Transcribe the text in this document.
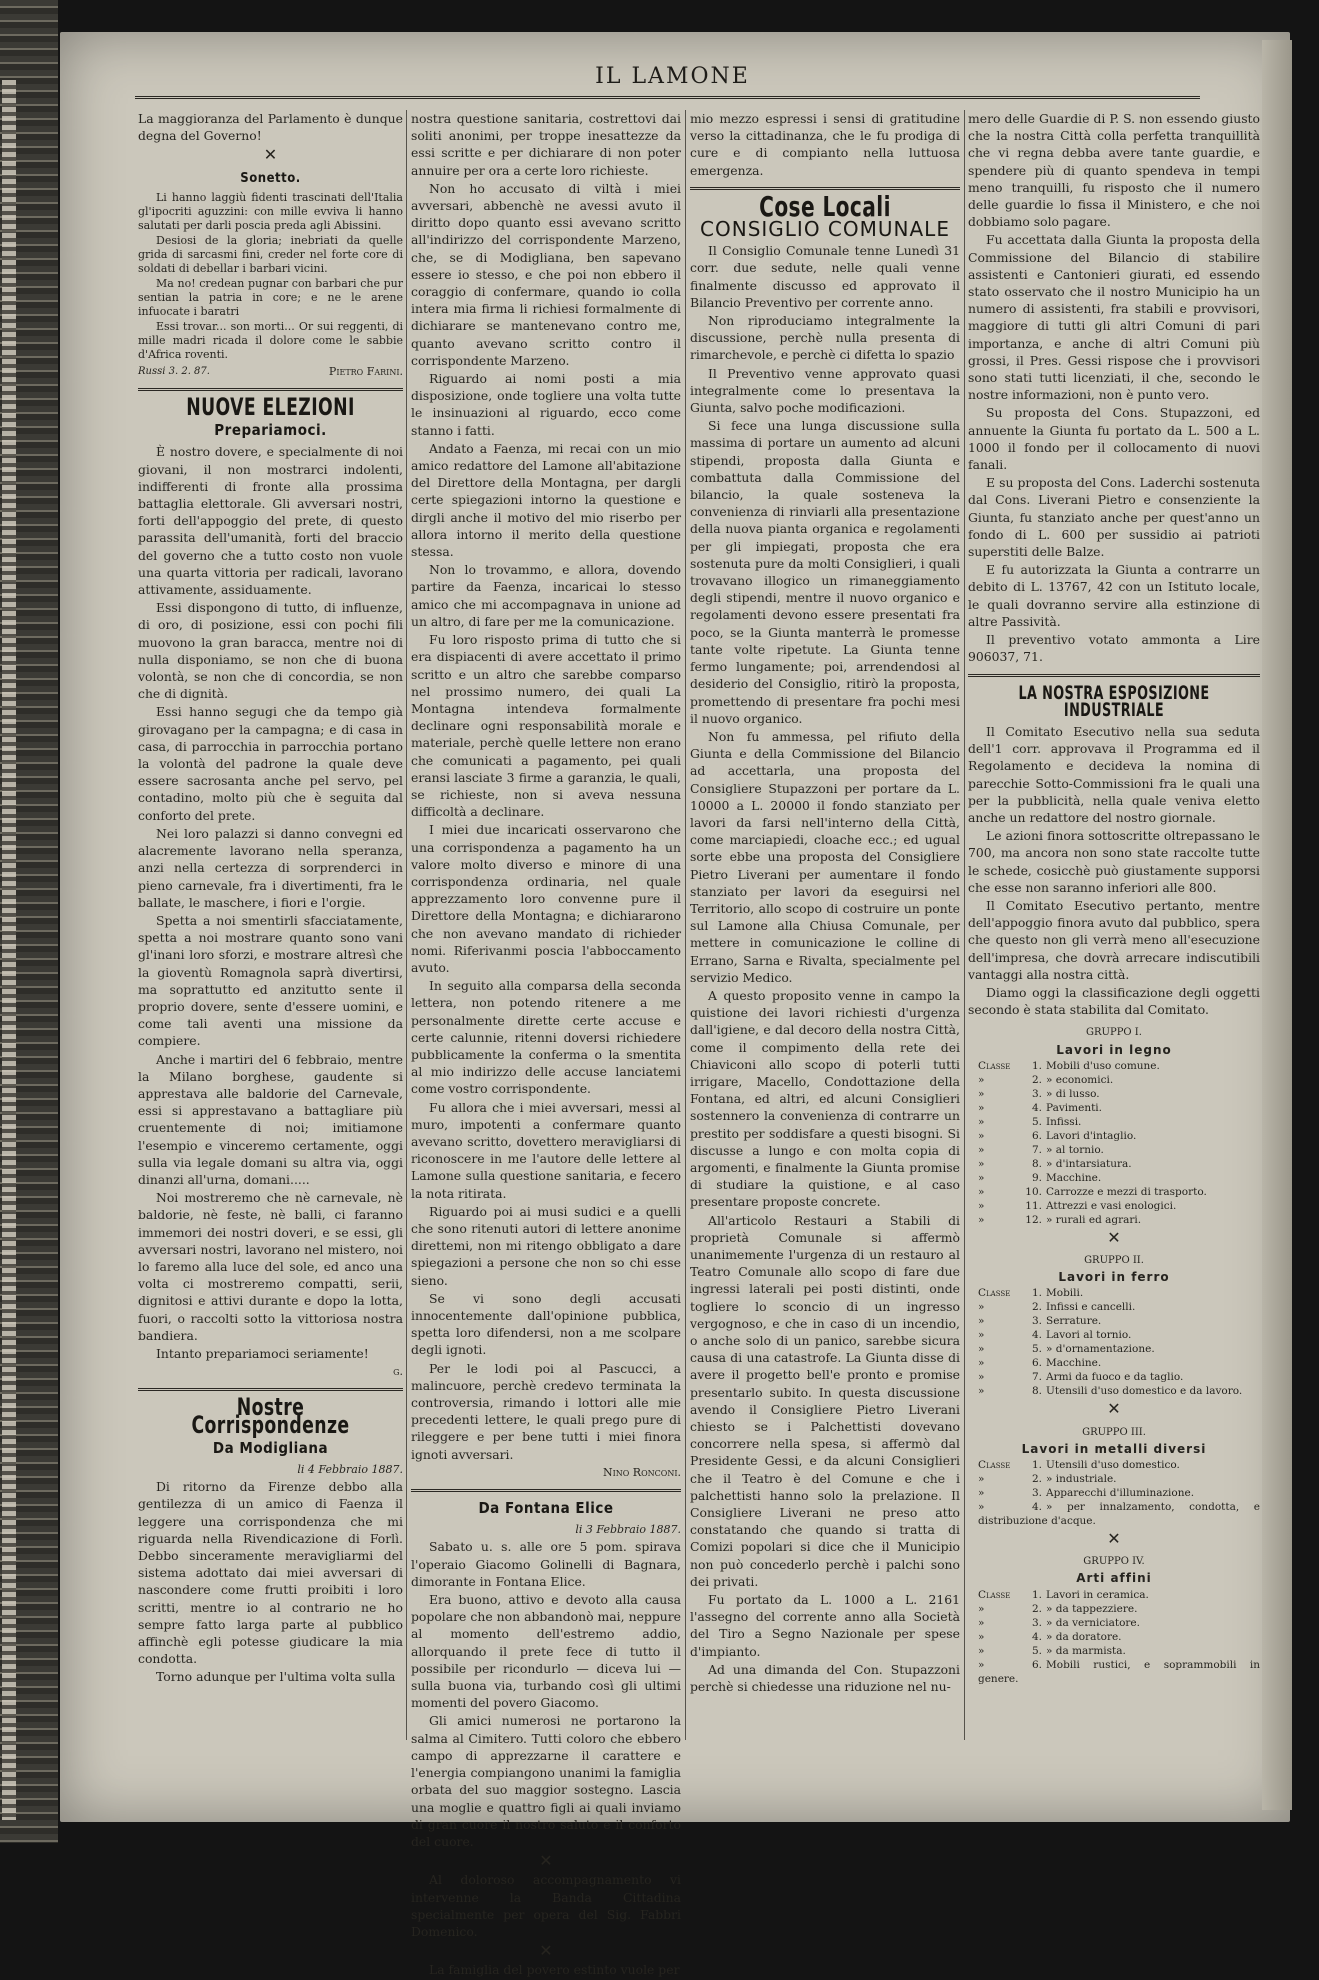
IL LAMONE

La maggioranza del Parlamento è dunque degna del Governo!

✕
Sonetto.

Li hanno laggiù fidenti trascinati dell'Italia gl'ipocriti aguzzini: con mille evviva li hanno salutati per darli poscia preda agli Abissini.

Desiosi de la gloria; inebriati da quelle grida di sarcasmi fini, creder nel forte core di soldati di debellar i barbari vicini.

Ma no! credean pugnar con barbari che pur sentian la patria in core; e ne le arene infuocate i baratri

Essi trovar... son morti... Or sui reggenti, di mille madri ricada il dolore come le sabbie d'Africa roventi.

Russi 3. 2. 87.	Pietro Farini.
NUOVE ELEZIONI
Prepariamoci.

È nostro dovere, e specialmente di noi giovani, il non mostrarci indolenti, indifferenti di fronte alla prossima battaglia elettorale. Gli avversari nostri, forti dell'appoggio del prete, di questo parassita dell'umanità, forti del braccio del governo che a tutto costo non vuole una quarta vittoria per radicali, lavorano attivamente, assiduamente.

Essi dispongono di tutto, di influenze, di oro, di posizione, essi con pochi fili muovono la gran baracca, mentre noi di nulla disponiamo, se non che di buona volontà, se non che di concordia, se non che di dignità.

Essi hanno segugi che da tempo già girovagano per la campagna; e di casa in casa, di parrocchia in parrocchia portano la volontà del padrone la quale deve essere sacrosanta anche pel servo, pel contadino, molto più che è seguita dal conforto del prete.

Nei loro palazzi si danno convegni ed alacremente lavorano nella speranza, anzi nella certezza di sorprenderci in pieno carnevale, fra i divertimenti, fra le ballate, le maschere, i fiori e l'orgie.

Spetta a noi smentirli sfacciatamente, spetta a noi mostrare quanto sono vani gl'inani loro sforzi, e mostrare altresì che la gioventù Romagnola saprà divertirsi, ma soprattutto ed anzitutto sente il proprio dovere, sente d'essere uomini, e come tali aventi una missione da compiere.

Anche i martiri del 6 febbraio, mentre la Milano borghese, gaudente si apprestava alle baldorie del Carnevale, essi si apprestavano a battagliare più cruentemente di noi; imitiamone l'esempio e vinceremo certamente, oggi sulla via legale domani su altra via, oggi dinanzi all'urna, domani.....

Noi mostreremo che nè carnevale, nè baldorie, nè feste, nè balli, ci faranno immemori dei nostri doveri, e se essi, gli avversari nostri, lavorano nel mistero, noi lo faremo alla luce del sole, ed anco una volta ci mostreremo compatti, serii, dignitosi e attivi durante e dopo la lotta, fuori, o raccolti sotto la vittoriosa nostra bandiera.

Intanto prepariamoci seriamente!

g.
Nostre Corrispondenze
Da Modigliana
li 4 Febbraio 1887.

Di ritorno da Firenze debbo alla gentilezza di un amico di Faenza il leggere una corrispondenza che mi riguarda nella Rivendicazione di Forlì. Debbo sinceramente meravigliarmi del sistema adottato dai miei avversari di nascondere come frutti proibiti i loro scritti, mentre io al contrario ne ho sempre fatto larga parte al pubblico affinchè egli potesse giudicare la mia condotta.

Torno adunque per l'ultima volta sulla

nostra questione sanitaria, costrettovi dai soliti anonimi, per troppe inesattezze da essi scritte e per dichiarare di non poter annuire per ora a certe loro richieste.

Non ho accusato di viltà i miei avversari, abbenchè ne avessi avuto il diritto dopo quanto essi avevano scritto all'indirizzo del corrispondente Marzeno, che, se di Modigliana, ben sapevano essere io stesso, e che poi non ebbero il coraggio di confermare, quando io colla intera mia firma li richiesi formalmente di dichiarare se mantenevano contro me, quanto avevano scritto contro il corrispondente Marzeno.

Riguardo ai nomi posti a mia disposizione, onde togliere una volta tutte le insinuazioni al riguardo, ecco come stanno i fatti.

Andato a Faenza, mi recai con un mio amico redattore del Lamone all'abitazione del Direttore della Montagna, per dargli certe spiegazioni intorno la questione e dirgli anche il motivo del mio riserbo per allora intorno il merito della questione stessa.

Non lo trovammo, e allora, dovendo partire da Faenza, incaricai lo stesso amico che mi accompagnava in unione ad un altro, di fare per me la comunicazione.

Fu loro risposto prima di tutto che si era dispiacenti di avere accettato il primo scritto e un altro che sarebbe comparso nel prossimo numero, dei quali La Montagna intendeva formalmente declinare ogni responsabilità morale e materiale, perchè quelle lettere non erano che comunicati a pagamento, pei quali eransi lasciate 3 firme a garanzia, le quali, se richieste, non si aveva nessuna difficoltà a declinare.

I miei due incaricati osservarono che una corrispondenza a pagamento ha un valore molto diverso e minore di una corrispondenza ordinaria, nel quale apprezzamento loro convenne pure il Direttore della Montagna; e dichiararono che non avevano mandato di richieder nomi. Riferivanmi poscia l'abboccamento avuto.

In seguito alla comparsa della seconda lettera, non potendo ritenere a me personalmente dirette certe accuse e certe calunnie, ritenni doversi richiedere pubblicamente la conferma o la smentita al mio indirizzo delle accuse lanciatemi come vostro corrispondente.

Fu allora che i miei avversari, messi al muro, impotenti a confermare quanto avevano scritto, dovettero meravigliarsi di riconoscere in me l'autore delle lettere al Lamone sulla questione sanitaria, e fecero la nota ritirata.

Riguardo poi ai musi sudici e a quelli che sono ritenuti autori di lettere anonime direttemi, non mi ritengo obbligato a dare spiegazioni a persone che non so chi esse sieno.

Se vi sono degli accusati innocentemente dall'opinione pubblica, spetta loro difendersi, non a me scolpare degli ignoti.

Per le lodi poi al Pascucci, a malincuore, perchè credevo terminata la controversia, rimando i lottori alle mie precedenti lettere, le quali prego pure di rileggere e per bene tutti i miei finora ignoti avversari.

Nino Ronconi.
Da Fontana Elice
li 3 Febbraio 1887.

Sabato u. s. alle ore 5 pom. spirava l'operaio Giacomo Golinelli di Bagnara, dimorante in Fontana Elice.

Era buono, attivo e devoto alla causa popolare che non abbandonò mai, neppure al momento dell'estremo addio, allorquando il prete fece di tutto il possibile per ricondurlo — diceva lui — sulla buona via, turbando così gli ultimi momenti del povero Giacomo.

Gli amici numerosi ne portarono la salma al Cimitero. Tutti coloro che ebbero campo di apprezzarne il carattere e l'energia compiangono unanimi la famiglia orbata del suo maggior sostegno. Lascia una moglie e quattro figli ai quali inviamo di gran cuore il nostro saluto e il conforto del cuore.

✕

Al doloroso accompagnamento vi intervenne la Banda Cittadina specialmente per opera del Sig. Fabbri Domenico.

✕

La famiglia del povero estinto vuole per

mio mezzo espressi i sensi di gratitudine verso la cittadinanza, che le fu prodiga di cure e di compianto nella luttuosa emergenza.

Cose Locali
CONSIGLIO COMUNALE

Il Consiglio Comunale tenne Lunedì 31 corr. due sedute, nelle quali venne finalmente discusso ed approvato il Bilancio Preventivo per corrente anno.

Non riproduciamo integralmente la discussione, perchè nulla presenta di rimarchevole, e perchè ci difetta lo spazio

Il Preventivo venne approvato quasi integralmente come lo presentava la Giunta, salvo poche modificazioni.

Si fece una lunga discussione sulla massima di portare un aumento ad alcuni stipendi, proposta dalla Giunta e combattuta dalla Commissione del bilancio, la quale sosteneva la convenienza di rinviarli alla presentazione della nuova pianta organica e regolamenti per gli impiegati, proposta che era sostenuta pure da molti Consiglieri, i quali trovavano illogico un rimaneggiamento degli stipendi, mentre il nuovo organico e regolamenti devono essere presentati fra poco, se la Giunta manterrà le promesse tante volte ripetute. La Giunta tenne fermo lungamente; poi, arrendendosi al desiderio del Consiglio, ritirò la proposta, promettendo di presentare fra pochi mesi il nuovo organico.

Non fu ammessa, pel rifiuto della Giunta e della Commissione del Bilancio ad accettarla, una proposta del Consigliere Stupazzoni per portare da L. 10000 a L. 20000 il fondo stanziato per lavori da farsi nell'interno della Città, come marciapiedi, cloache ecc.; ed ugual sorte ebbe una proposta del Consigliere Pietro Liverani per aumentare il fondo stanziato per lavori da eseguirsi nel Territorio, allo scopo di costruire un ponte sul Lamone alla Chiusa Comunale, per mettere in comunicazione le colline di Errano, Sarna e Rivalta, specialmente pel servizio Medico.

A questo proposito venne in campo la quistione dei lavori richiesti d'urgenza dall'igiene, e dal decoro della nostra Città, come il compimento della rete dei Chiaviconi allo scopo di poterli tutti irrigare, Macello, Condottazione della Fontana, ed altri, ed alcuni Consiglieri sostennero la convenienza di contrarre un prestito per soddisfare a questi bisogni. Si discusse a lungo e con molta copia di argomenti, e finalmente la Giunta promise di studiare la quistione, e al caso presentare proposte concrete.

All'articolo Restauri a Stabili di proprietà Comunale si affermò unanimemente l'urgenza di un restauro al Teatro Comunale allo scopo di fare due ingressi laterali pei posti distinti, onde togliere lo sconcio di un ingresso vergognoso, e che in caso di un incendio, o anche solo di un panico, sarebbe sicura causa di una catastrofe. La Giunta disse di avere il progetto bell'e pronto e promise presentarlo subito. In questa discussione avendo il Consigliere Pietro Liverani chiesto se i Palchettisti dovevano concorrere nella spesa, si affermò dal Presidente Gessi, e da alcuni Consiglieri che il Teatro è del Comune e che i palchettisti hanno solo la prelazione. Il Consigliere Liverani ne preso atto constatando che quando si tratta di Comizi popolari si dice che il Municipio non può concederlo perchè i palchi sono dei privati.

Fu portato da L. 1000 a L. 2161 l'assegno del corrente anno alla Società del Tiro a Segno Nazionale per spese d'impianto.

Ad una dimanda del Con. Stupazzoni perchè si chiedesse una riduzione nel nu-

mero delle Guardie di P. S. non essendo giusto che la nostra Città colla perfetta tranquillità che vi regna debba avere tante guardie, e spendere più di quanto spendeva in tempi meno tranquilli, fu risposto che il numero delle guardie lo fissa il Ministero, e che noi dobbiamo solo pagare.

Fu accettata dalla Giunta la proposta della Commissione del Bilancio di stabilire assistenti e Cantonieri giurati, ed essendo stato osservato che il nostro Municipio ha un numero di assistenti, fra stabili e provvisori, maggiore di tutti gli altri Comuni di pari importanza, e anche di altri Comuni più grossi, il Pres. Gessi rispose che i provvisori sono stati tutti licenziati, il che, secondo le nostre informazioni, non è punto vero.

Su proposta del Cons. Stupazzoni, ed annuente la Giunta fu portato da L. 500 a L. 1000 il fondo per il collocamento di nuovi fanali.

E su proposta del Cons. Laderchi sostenuta dal Cons. Liverani Pietro e consenziente la Giunta, fu stanziato anche per quest'anno un fondo di L. 600 per sussidio ai patrioti superstiti delle Balze.

E fu autorizzata la Giunta a contrarre un debito di L. 13767, 42 con un Istituto locale, le quali dovranno servire alla estinzione di altre Passività.

Il preventivo votato ammonta a Lire 906037, 71.

LA NOSTRA ESPOSIZIONE INDUSTRIALE

Il Comitato Esecutivo nella sua seduta dell'1 corr. approvava il Programma ed il Regolamento e decideva la nomina di parecchie Sotto-Commissioni fra le quali una per la pubblicità, nella quale veniva eletto anche un redattore del nostro giornale.

Le azioni finora sottoscritte oltrepassano le 700, ma ancora non sono state raccolte tutte le schede, cosicchè può giustamente supporsi che esse non saranno inferiori alle 800.

Il Comitato Esecutivo pertanto, mentre dell'appoggio finora avuto dal pubblico, spera che questo non gli verrà meno all'esecuzione dell'impresa, che dovrà arrecare indiscutibili vantaggi alla nostra città.

Diamo oggi la classificazione degli oggetti secondo è stata stabilita dal Comitato.

GRUPPO I.
Lavori in legno
Classe 1. Mobili d'uso comune.
»	2. » economici.
»	3. » di lusso.
»	4. Pavimenti.
»	5. Infissi.
»	6. Lavori d'intaglio.
»	7. » al tornio.
»	8. » d'intarsiatura.
»	9. Macchine.
»	10. Carrozze e mezzi di trasporto.
»	11. Attrezzi e vasi enologici.
»	12. » rurali ed agrari.
✕
GRUPPO II.
Lavori in ferro
Classe 1. Mobili.
»	2. Infissi e cancelli.
»	3. Serrature.
»	4. Lavori al tornio.
»	5. » d'ornamentazione.
»	6. Macchine.
»	7. Armi da fuoco e da taglio.
»	8. Utensili d'uso domestico e da lavoro.
✕
GRUPPO III.
Lavori in metalli diversi
Classe 1. Utensili d'uso domestico.
»	2. » industriale.
»	3. Apparecchi d'illuminazione.
»	4. » per innalzamento, condotta, e distribuzione d'acque.
✕
GRUPPO IV.
Arti affini
Classe 1. Lavori in ceramica.
»	2. » da tappezziere.
»	3. » da verniciatore.
»	4. » da doratore.
»	5. » da marmista.
»	6. Mobili rustici, e soprammobili in genere.
